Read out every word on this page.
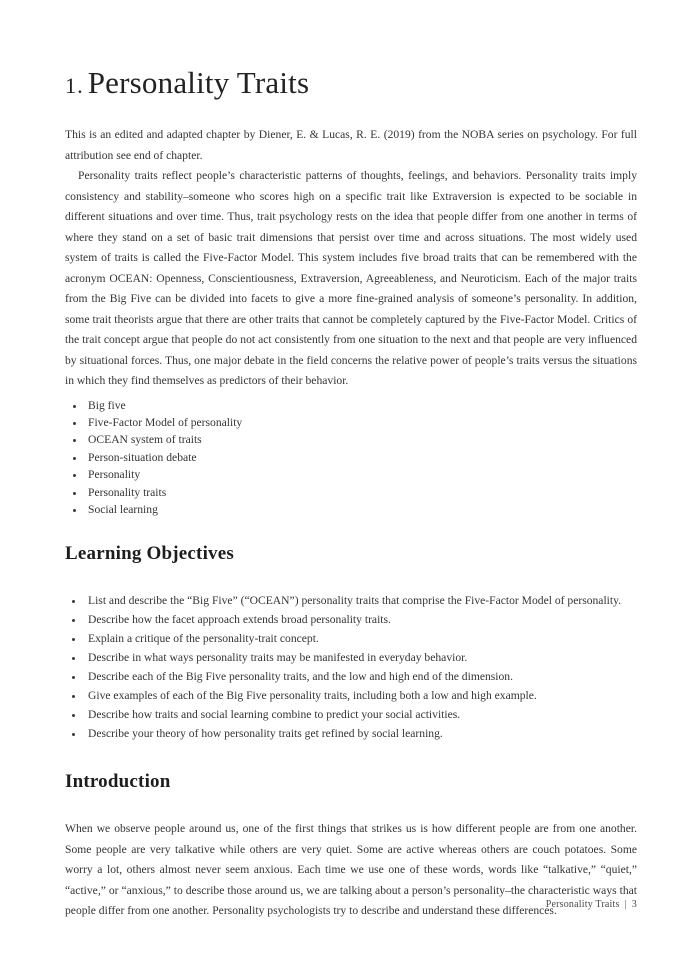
1. Personality Traits

This is an edited and adapted chapter by Diener, E. & Lucas, R. E. (2019) from the NOBA series on psychology. For full attribution see end of chapter.

Personality traits reflect people’s characteristic patterns of thoughts, feelings, and behaviors. Personality traits imply consistency and stability–someone who scores high on a specific trait like Extraversion is expected to be sociable in different situations and over time. Thus, trait psychology rests on the idea that people differ from one another in terms of where they stand on a set of basic trait dimensions that persist over time and across situations. The most widely used system of traits is called the Five-Factor Model. This system includes five broad traits that can be remembered with the acronym OCEAN: Openness, Conscientiousness, Extraversion, Agreeableness, and Neuroticism. Each of the major traits from the Big Five can be divided into facets to give a more fine-grained analysis of someone’s personality. In addition, some trait theorists argue that there are other traits that cannot be completely captured by the Five-Factor Model. Critics of the trait concept argue that people do not act consistently from one situation to the next and that people are very influenced by situational forces. Thus, one major debate in the field concerns the relative power of people’s traits versus the situations in which they find themselves as predictors of their behavior.

• Big five
• Five-Factor Model of personality
• OCEAN system of traits
• Person-situation debate
• Personality
• Personality traits
• Social learning
Learning Objectives
• List and describe the “Big Five” (“OCEAN”) personality traits that comprise the Five-Factor Model of personality.
• Describe how the facet approach extends broad personality traits.
• Explain a critique of the personality-trait concept.
• Describe in what ways personality traits may be manifested in everyday behavior.
• Describe each of the Big Five personality traits, and the low and high end of the dimension.
• Give examples of each of the Big Five personality traits, including both a low and high example.
• Describe how traits and social learning combine to predict your social activities.
• Describe your theory of how personality traits get refined by social learning.
Introduction

When we observe people around us, one of the first things that strikes us is how different people are from one another. Some people are very talkative while others are very quiet. Some are active whereas others are couch potatoes. Some worry a lot, others almost never seem anxious. Each time we use one of these words, words like “talkative,” “quiet,” “active,” or “anxious,” to describe those around us, we are talking about a person’s personality–the characteristic ways that people differ from one another. Personality psychologists try to describe and understand these differences.

Personality Traits | 3
